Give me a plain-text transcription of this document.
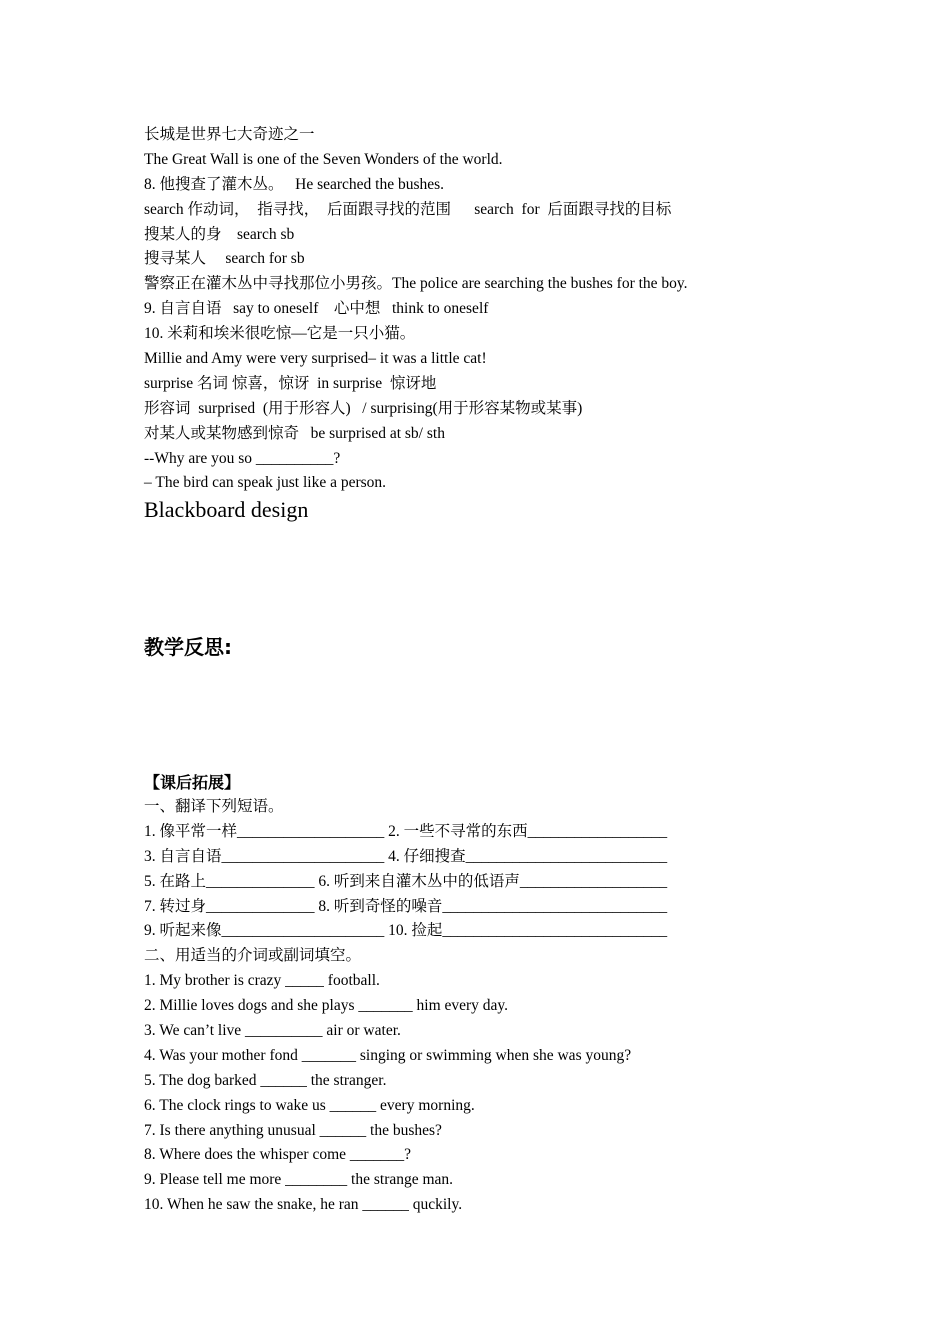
长城是世界七大奇迹之一
The Great Wall is one of the Seven Wonders of the world.
8. 他搜查了灌木丛。   He searched the bushes.
search 作动词，  指寻找，  后面跟寻找的范围      search  for  后面跟寻找的目标
搜某人的身    search sb
搜寻某人     search for sb
警察正在灌木丛中寻找那位小男孩。The police are searching the bushes for the boy.
9. 自言自语   say to oneself    心中想   think to oneself
10. 米莉和埃米很吃惊—它是一只小猫。
Millie and Amy were very surprised– it was a little cat!
surprise 名词 惊喜，惊讶  in surprise  惊讶地
形容词  surprised  (用于形容人)   / surprising(用于形容某物或某事)
对某人或某物感到惊奇   be surprised at sb/ sth
--Why are you so __________?
– The bird can speak just like a person.
Blackboard design
教学反思:
【课后拓展】
一、翻译下列短语。
1. 像平常一样___________________ 2. 一些不寻常的东西__________________
3. 自言自语_____________________ 4. 仔细搜查__________________________
5. 在路上______________ 6. 听到来自灌木丛中的低语声___________________
7. 转过身______________ 8. 听到奇怪的噪音_____________________________
9. 听起来像_____________________ 10. 捡起_____________________________
二、用适当的介词或副词填空。
1. My brother is crazy _____ football.
2. Millie loves dogs and she plays _______ him every day.
3. We can’t live __________ air or water.
4. Was your mother fond _______ singing or swimming when she was young?
5. The dog barked ______ the stranger.
6. The clock rings to wake us ______ every morning.
7. Is there anything unusual ______ the bushes?
8. Where does the whisper come _______?
9. Please tell me more ________ the strange man.
10. When he saw the snake, he ran ______ quckily.
